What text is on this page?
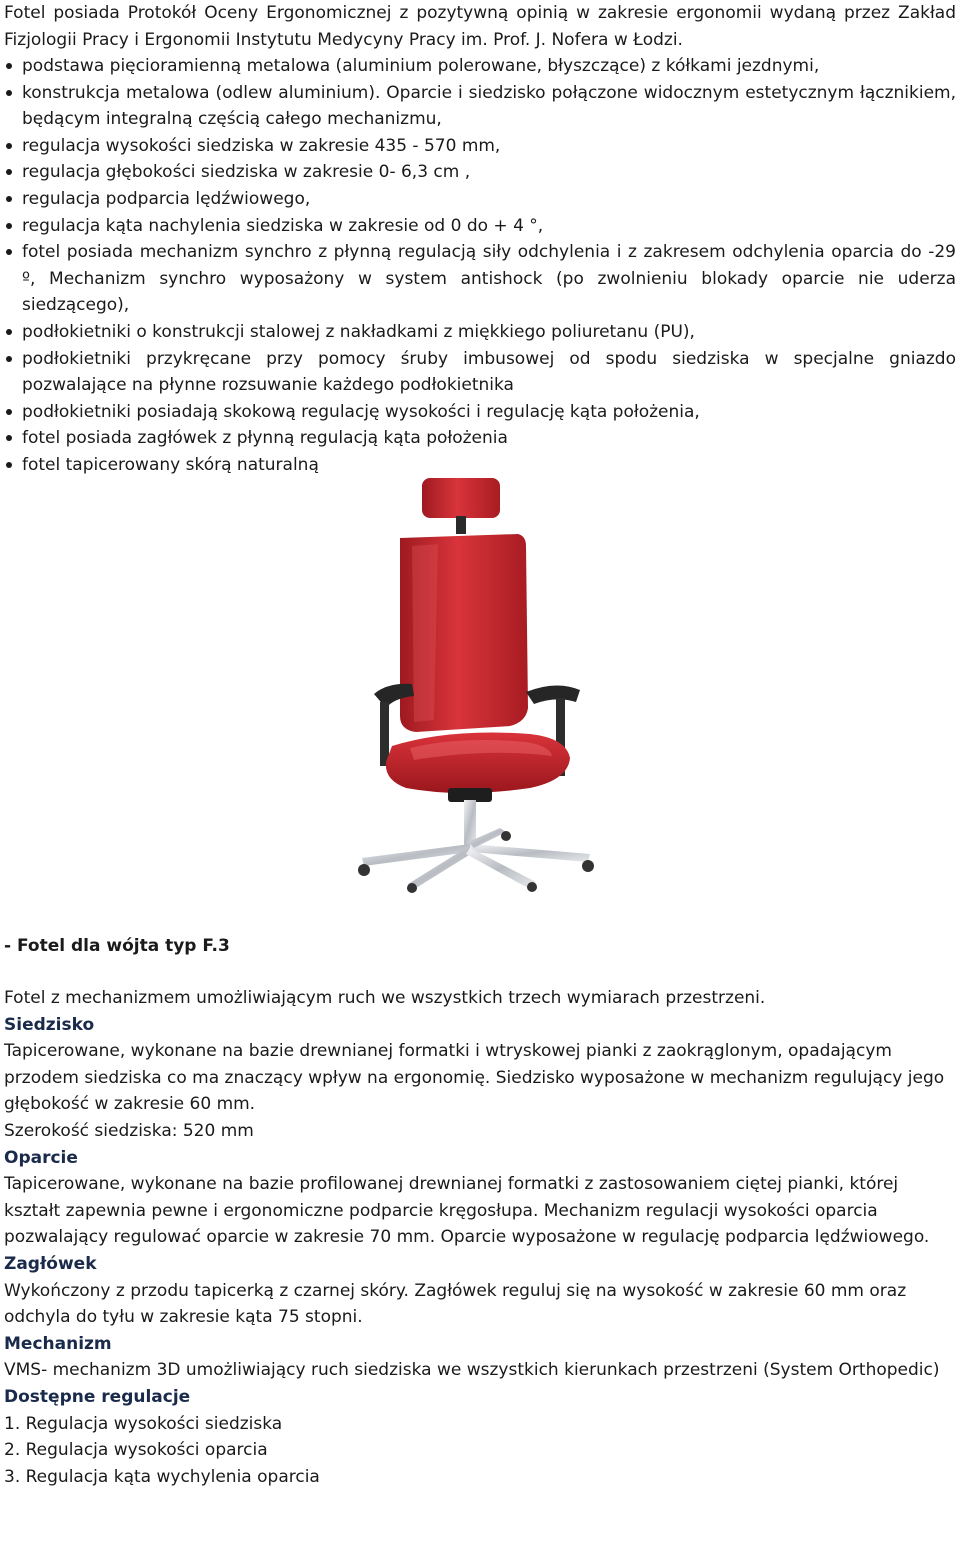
Fotel posiada Protokół Oceny Ergonomicznej z pozytywną opinią w zakresie ergonomii wydaną przez Zakład Fizjologii Pracy i Ergonomii Instytutu Medycyny Pracy im. Prof. J. Nofera w Łodzi.

podstawa pięcioramienną metalowa (aluminium polerowane, błyszczące) z kółkami jezdnymi,
konstrukcja metalowa (odlew aluminium). Oparcie i siedzisko połączone widocznym estetycznym łącznikiem, będącym integralną częścią całego mechanizmu,
regulacja wysokości siedziska w zakresie 435 - 570 mm,
regulacja głębokości siedziska w zakresie 0- 6,3 cm ,
regulacja podparcia lędźwiowego,
regulacja kąta nachylenia siedziska w zakresie od 0 do + 4 °,
fotel posiada mechanizm synchro z płynną regulacją siły odchylenia i z zakresem odchylenia oparcia do -29 º, Mechanizm synchro wyposażony w system antishock (po zwolnieniu blokady oparcie nie uderza siedzącego),
podłokietniki o konstrukcji stalowej z nakładkami z miękkiego poliuretanu (PU),
podłokietniki przykręcane przy pomocy śruby imbusowej od spodu siedziska w specjalne gniazdo pozwalające na płynne rozsuwanie każdego podłokietnika
podłokietniki posiadają skokową regulację wysokości i regulację kąta położenia,
fotel posiada zagłówek z płynną regulacją kąta położenia
fotel tapicerowany skórą naturalną

- Fotel dla wójta typ F.3

Fotel z mechanizmem umożliwiającym ruch we wszystkich trzech wymiarach przestrzeni.
Siedzisko
Tapicerowane, wykonane na bazie drewnianej formatki i wtryskowej pianki z zaokrąglonym, opadającym przodem siedziska co ma znaczący wpływ na ergonomię. Siedzisko wyposażone w mechanizm regulujący jego głębokość w zakresie 60 mm.
Szerokość siedziska: 520 mm
Oparcie
Tapicerowane, wykonane na bazie profilowanej drewnianej formatki z zastosowaniem ciętej pianki, której kształt zapewnia pewne i ergonomiczne podparcie kręgosłupa. Mechanizm regulacji wysokości oparcia pozwalający regulować oparcie w zakresie 70 mm. Oparcie wyposażone w regulację podparcia lędźwiowego.
Zagłówek
Wykończony z przodu tapicerką z czarnej skóry. Zagłówek reguluj się na wysokość w zakresie 60 mm oraz odchyla do tyłu w zakresie kąta 75 stopni.
Mechanizm
VMS- mechanizm 3D umożliwiający ruch siedziska we wszystkich kierunkach przestrzeni (System Orthopedic)
Dostępne regulacje
1. Regulacja wysokości siedziska
2. Regulacja wysokości oparcia
3. Regulacja kąta wychylenia oparcia
